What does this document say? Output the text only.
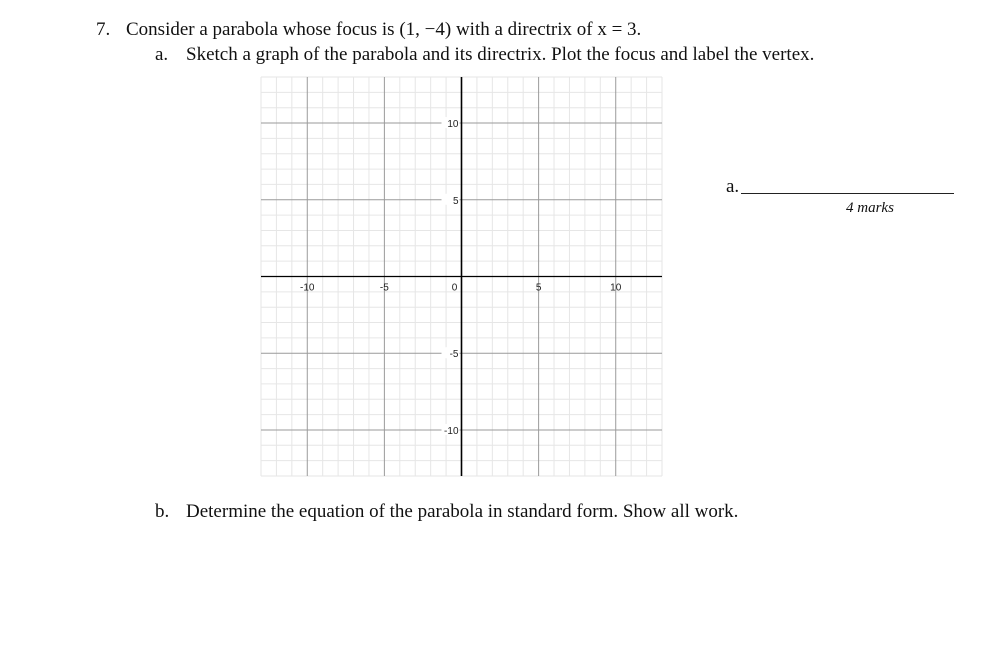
7. Consider a parabola whose focus is (1, −4) with a directrix of x = 3.
a. Sketch a graph of the parabola and its directrix. Plot the focus and label the vertex.
-10	-5	0	5	10
10
5
-5
-10
a.
4 marks
b. Determine the equation of the parabola in standard form. Show all work.
